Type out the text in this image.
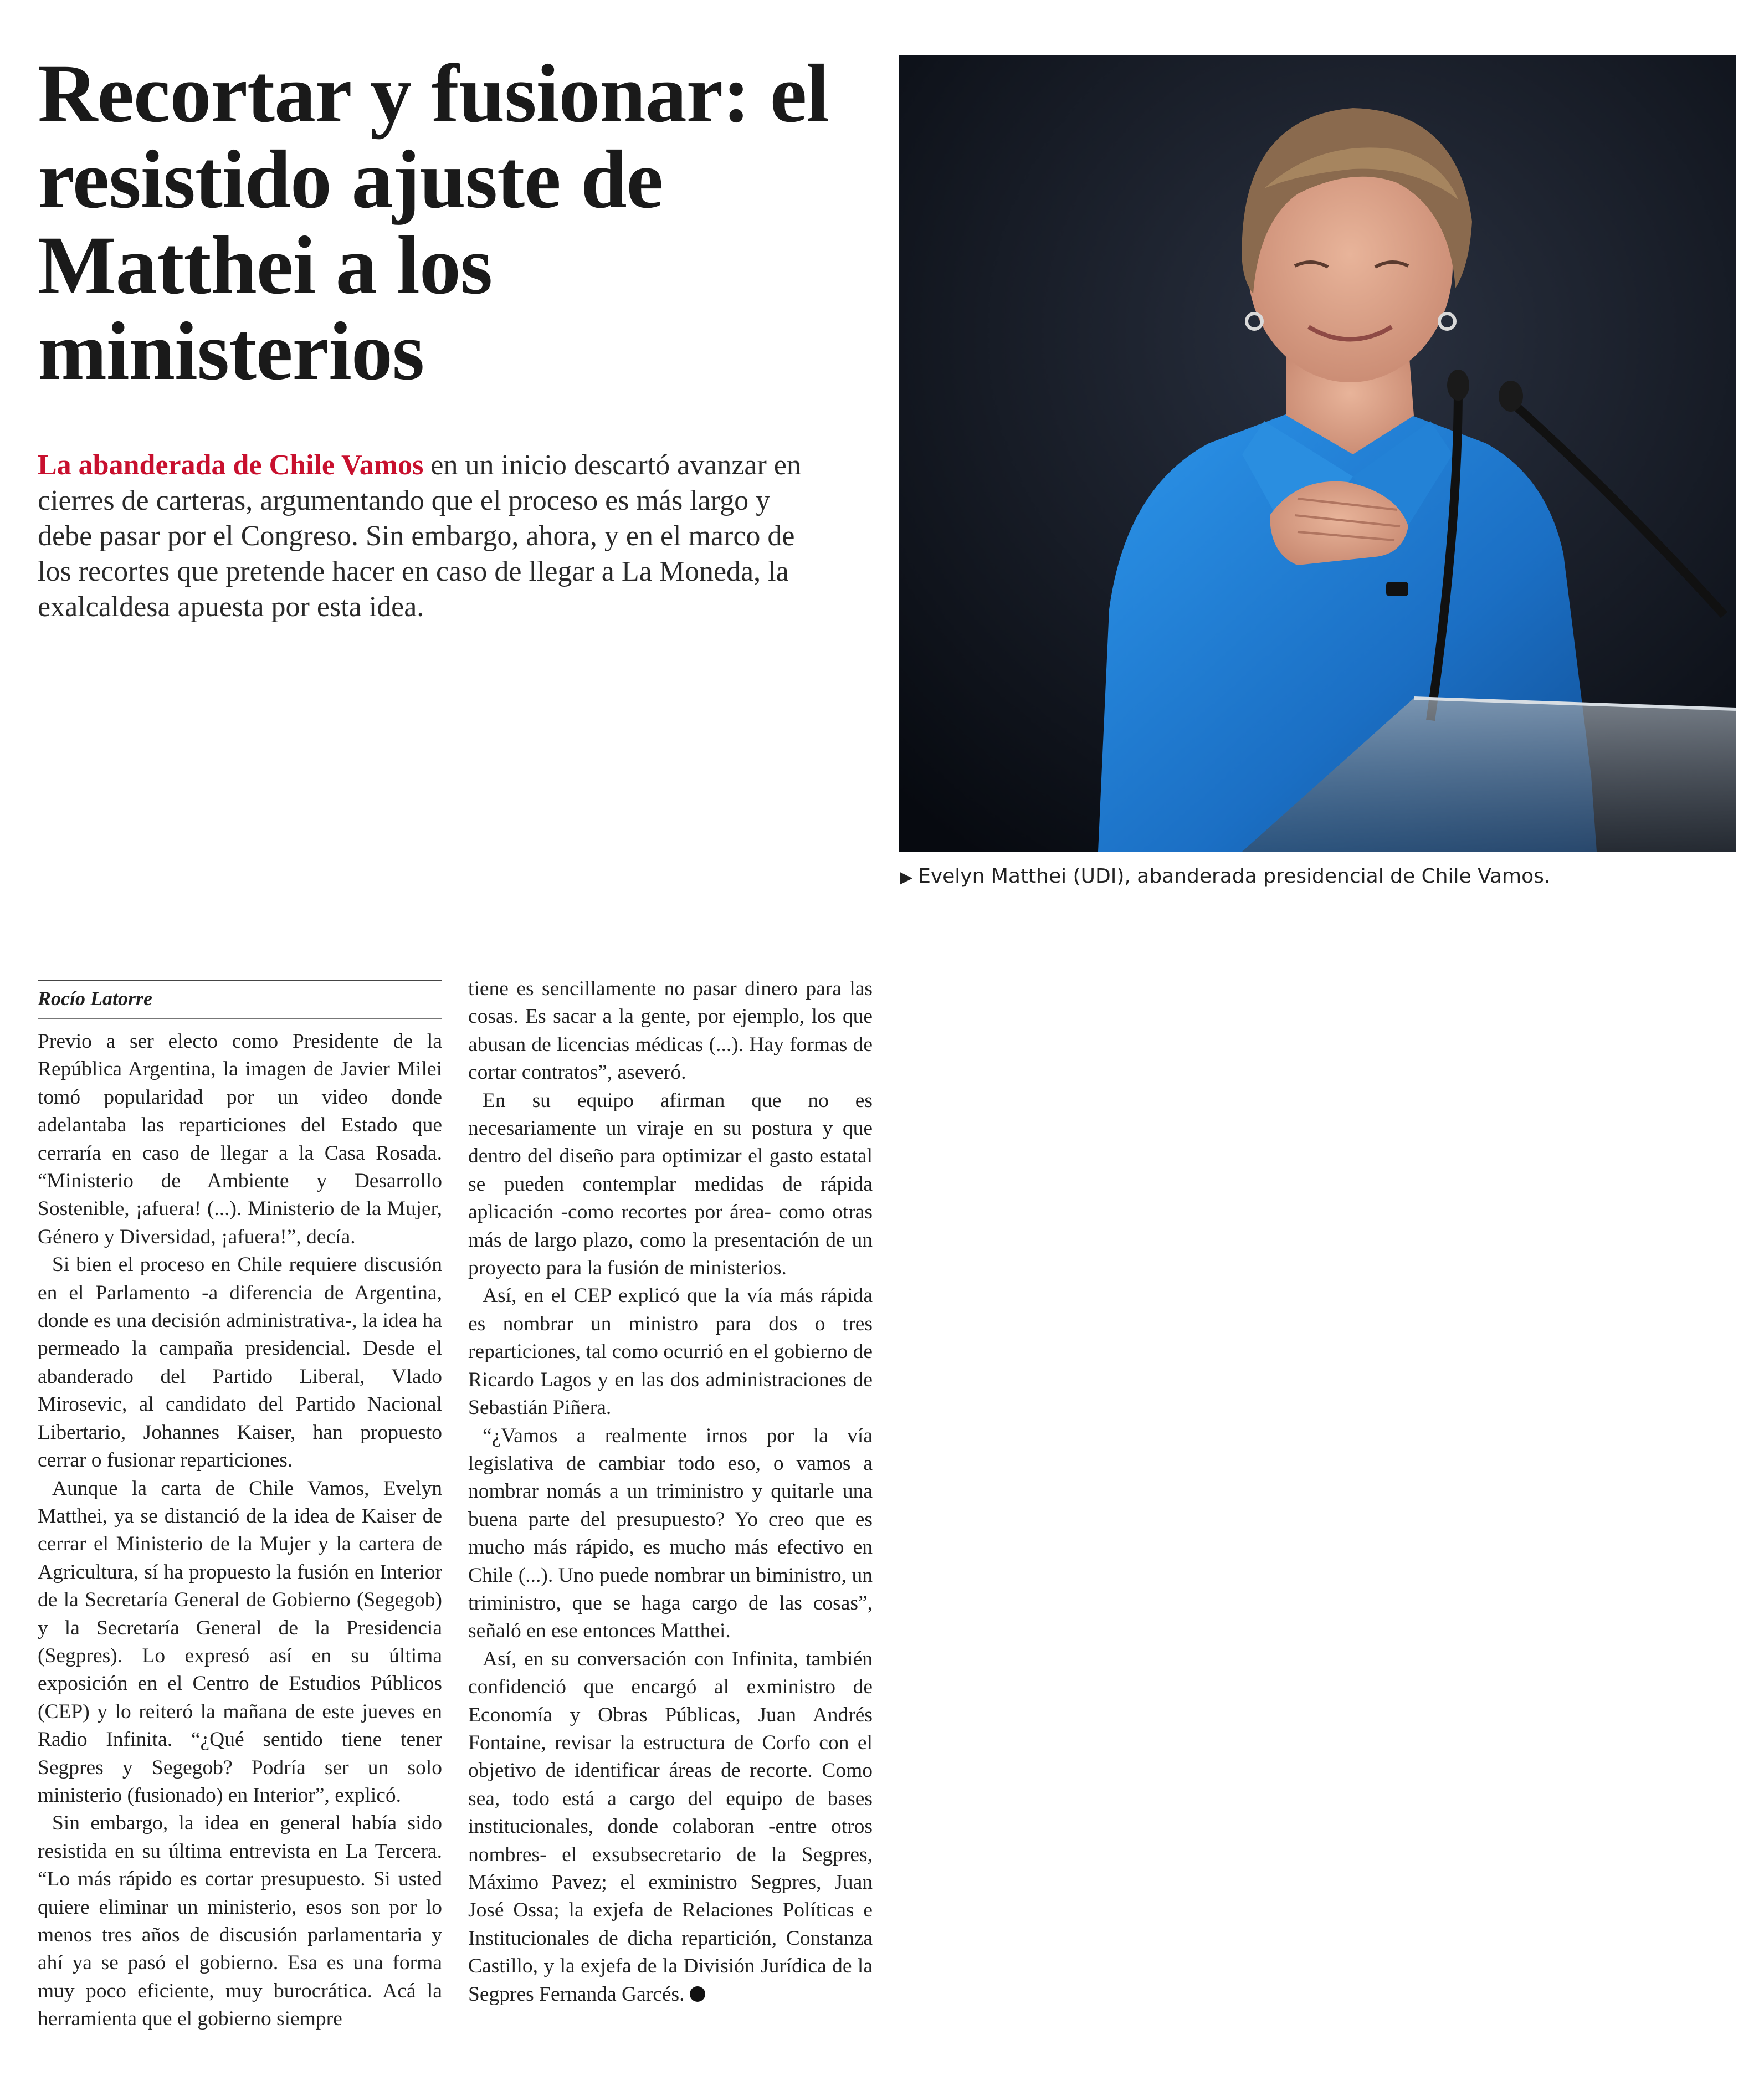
Recortar y fusionar: el resistido ajuste de Matthei a los ministerios

La abanderada de Chile Vamos en un inicio descartó avanzar en cierres de carteras, argumentando que el proceso es más largo y debe pasar por el Congreso. Sin embargo, ahora, y en el marco de los recortes que pretende hacer en caso de llegar a La Moneda, la exalcaldesa apuesta por esta idea.

▶ Evelyn Matthei (UDI), abanderada presidencial de Chile Vamos.

Rocío Latorre

Previo a ser electo como Presidente de la República Argentina, la imagen de Javier Milei tomó popularidad por un video donde adelantaba las reparticiones del Estado que cerraría en caso de llegar a la Casa Rosada. “Ministerio de Ambiente y Desarrollo Sostenible, ¡afuera! (...). Ministerio de la Mujer, Género y Diversidad, ¡afuera!”, decía.

Si bien el proceso en Chile requiere discusión en el Parlamento -a diferencia de Argentina, donde es una decisión administrativa-, la idea ha permeado la campaña presidencial. Desde el abanderado del Partido Liberal, Vlado Mirosevic, al candidato del Partido Nacional Libertario, Johannes Kaiser, han propuesto cerrar o fusionar reparticiones.

Aunque la carta de Chile Vamos, Evelyn Matthei, ya se distanció de la idea de Kaiser de cerrar el Ministerio de la Mujer y la cartera de Agricultura, sí ha propuesto la fusión en Interior de la Secretaría General de Gobierno (Segegob) y la Secretaría General de la Presidencia (Segpres). Lo expresó así en su última exposición en el Centro de Estudios Públicos (CEP) y lo reiteró la mañana de este jueves en Radio Infinita. “¿Qué sentido tiene tener Segpres y Segegob? Podría ser un solo ministerio (fusionado) en Interior”, explicó.

Sin embargo, la idea en general había sido resistida en su última entrevista en La Tercera. “Lo más rápido es cortar presupuesto. Si usted quiere eliminar un ministerio, esos son por lo menos tres años de discusión parlamentaria y ahí ya se pasó el gobierno. Esa es una forma muy poco eficiente, muy burocrática. Acá la herramienta que el gobierno siempre

tiene es sencillamente no pasar dinero para las cosas. Es sacar a la gente, por ejemplo, los que abusan de licencias médicas (...). Hay formas de cortar contratos”, aseveró.

En su equipo afirman que no es necesariamente un viraje en su postura y que dentro del diseño para optimizar el gasto estatal se pueden contemplar medidas de rápida aplicación -como recortes por área- como otras más de largo plazo, como la presentación de un proyecto para la fusión de ministerios.

Así, en el CEP explicó que la vía más rápida es nombrar un ministro para dos o tres reparticiones, tal como ocurrió en el gobierno de Ricardo Lagos y en las dos administraciones de Sebastián Piñera.

“¿Vamos a realmente irnos por la vía legislativa de cambiar todo eso, o vamos a nombrar nomás a un triministro y quitarle una buena parte del presupuesto? Yo creo que es mucho más rápido, es mucho más efectivo en Chile (...). Uno puede nombrar un biministro, un triministro, que se haga cargo de las cosas”, señaló en ese entonces Matthei.

Así, en su conversación con Infinita, también confidenció que encargó al exministro de Economía y Obras Públicas, Juan Andrés Fontaine, revisar la estructura de Corfo con el objetivo de identificar áreas de recorte. Como sea, todo está a cargo del equipo de bases institucionales, donde colaboran -entre otros nombres- el exsubsecretario de la Segpres, Máximo Pavez; el exministro Segpres, Juan José Ossa; la exjefa de Relaciones Políticas e Institucionales de dicha repartición, Constanza Castillo, y la exjefa de la División Jurídica de la Segpres Fernanda Garcés.
